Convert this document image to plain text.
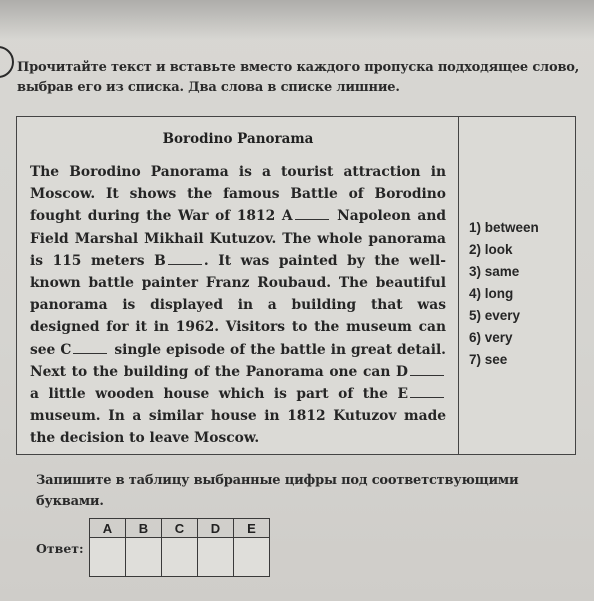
Прочитайте текст и вставьте вместо каждого пропуска подходящее слово, выбрав его из списка. Два слова в списке лишние.
Borodino Panorama
The Borodino Panorama is a tourist attraction in Moscow. It shows the famous Battle of Borodino fought during the War of 1812 A	Napoleon and Field Marshal Mikhail Kutuzov. The whole panorama is 115 meters B	. It was painted by the well-known battle painter Franz Roubaud. The beautiful panorama is displayed in a building that was designed for it in 1962. Visitors to the museum can see C	single episode of the battle in great detail. Next to the building of the Panorama one can D a little wooden house which is part of the E museum. In a similar house in 1812 Kutuzov made the decision to leave Moscow.
1) between
2) look
3) same
4) long
5) every
6) very
7) see
Запишите в таблицу выбранные цифры под соответствующими буквами.
Ответ:
A	B	C	D	E
